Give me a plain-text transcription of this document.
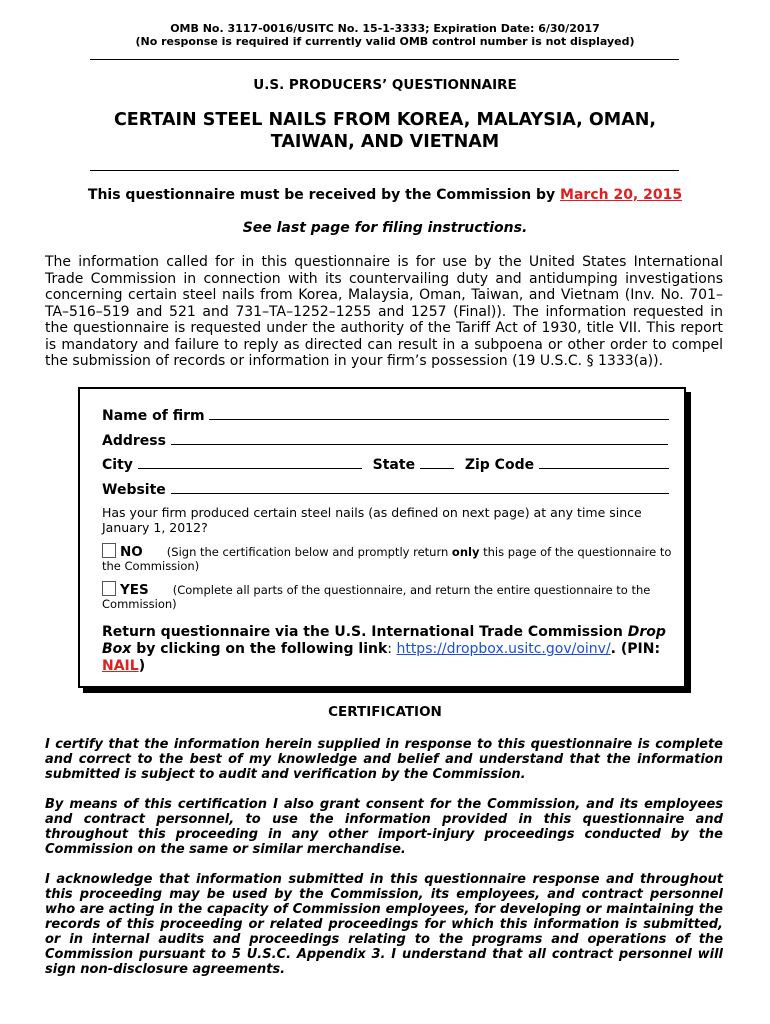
OMB No. 3117-0016/USITC No. 15-1-3333; Expiration Date: 6/30/2017
(No response is required if currently valid OMB control number is not displayed)
U.S. PRODUCERS’ QUESTIONNAIRE
CERTAIN STEEL NAILS FROM KOREA, MALAYSIA, OMAN,
TAIWAN, AND VIETNAM
This questionnaire must be received by the Commission by March 20, 2015
See last page for filing instructions.
The information called for in this questionnaire is for use by the United States International Trade Commission in connection with its countervailing duty and antidumping investigations concerning certain steel nails from Korea, Malaysia, Oman, Taiwan, and Vietnam (Inv. No. 701–TA–516–519 and 521 and 731–TA–1252–1255 and 1257 (Final)). The information requested in the questionnaire is requested under the authority of the Tariff Act of 1930, title VII. This report is mandatory and failure to reply as directed can result in a subpoena or other order to compel the submission of records or information in your firm’s possession (19 U.S.C. § 1333(a)).
Name of firm
Address
City	State	Zip Code
Website
Has your firm produced certain steel nails (as defined on next page) at any time since January 1, 2012?
NO (Sign the certification below and promptly return only this page of the questionnaire to the Commission)
YES (Complete all parts of the questionnaire, and return the entire questionnaire to the Commission)
Return questionnaire via the U.S. International Trade Commission Drop Box by clicking on the following link: https://dropbox.usitc.gov/oinv/. (PIN: NAIL)
CERTIFICATION
I certify that the information herein supplied in response to this questionnaire is complete and correct to the best of my knowledge and belief and understand that the information submitted is subject to audit and verification by the Commission.
By means of this certification I also grant consent for the Commission, and its employees and contract personnel, to use the information provided in this questionnaire and throughout this proceeding in any other import-injury proceedings conducted by the Commission on the same or similar merchandise.
I acknowledge that information submitted in this questionnaire response and throughout this proceeding may be used by the Commission, its employees, and contract personnel who are acting in the capacity of Commission employees, for developing or maintaining the records of this proceeding or related proceedings for which this information is submitted, or in internal audits and proceedings relating to the programs and operations of the Commission pursuant to 5 U.S.C. Appendix 3. I understand that all contract personnel will sign non-disclosure agreements.
